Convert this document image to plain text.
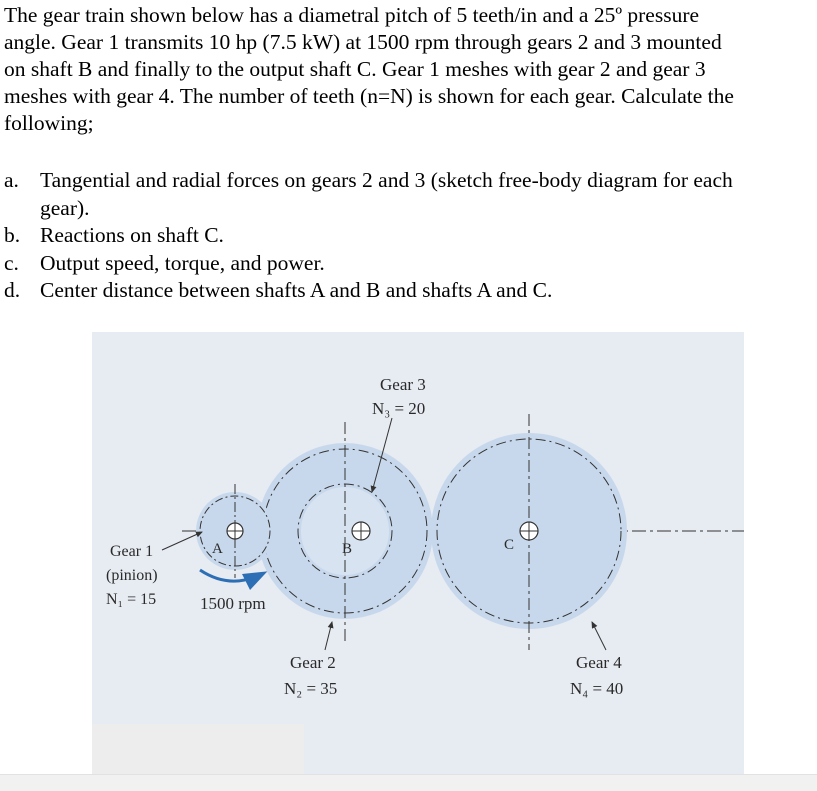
The gear train shown below has a diametral pitch of 5 teeth/in and a 25º pressure
angle. Gear 1 transmits 10 hp (7.5 kW) at 1500 rpm through gears 2 and 3 mounted
on shaft B and finally to the output shaft C. Gear 1 meshes with gear 2 and gear 3
meshes with gear 4. The number of teeth (n=N) is shown for each gear. Calculate the
following;
a. Tangential and radial forces on gears 2 and 3 (sketch free-body diagram for each
gear).
b. Reactions on shaft C.
c. Output speed, torque, and power.
d. Center distance between shafts A and B and shafts A and C.
Gear 1
(pinion)
N₁ = 15	1500 rpm
A	B	C
Gear 3
N₃ = 20
Gear 2
N₂ = 35
Gear 4
N₄ = 40
